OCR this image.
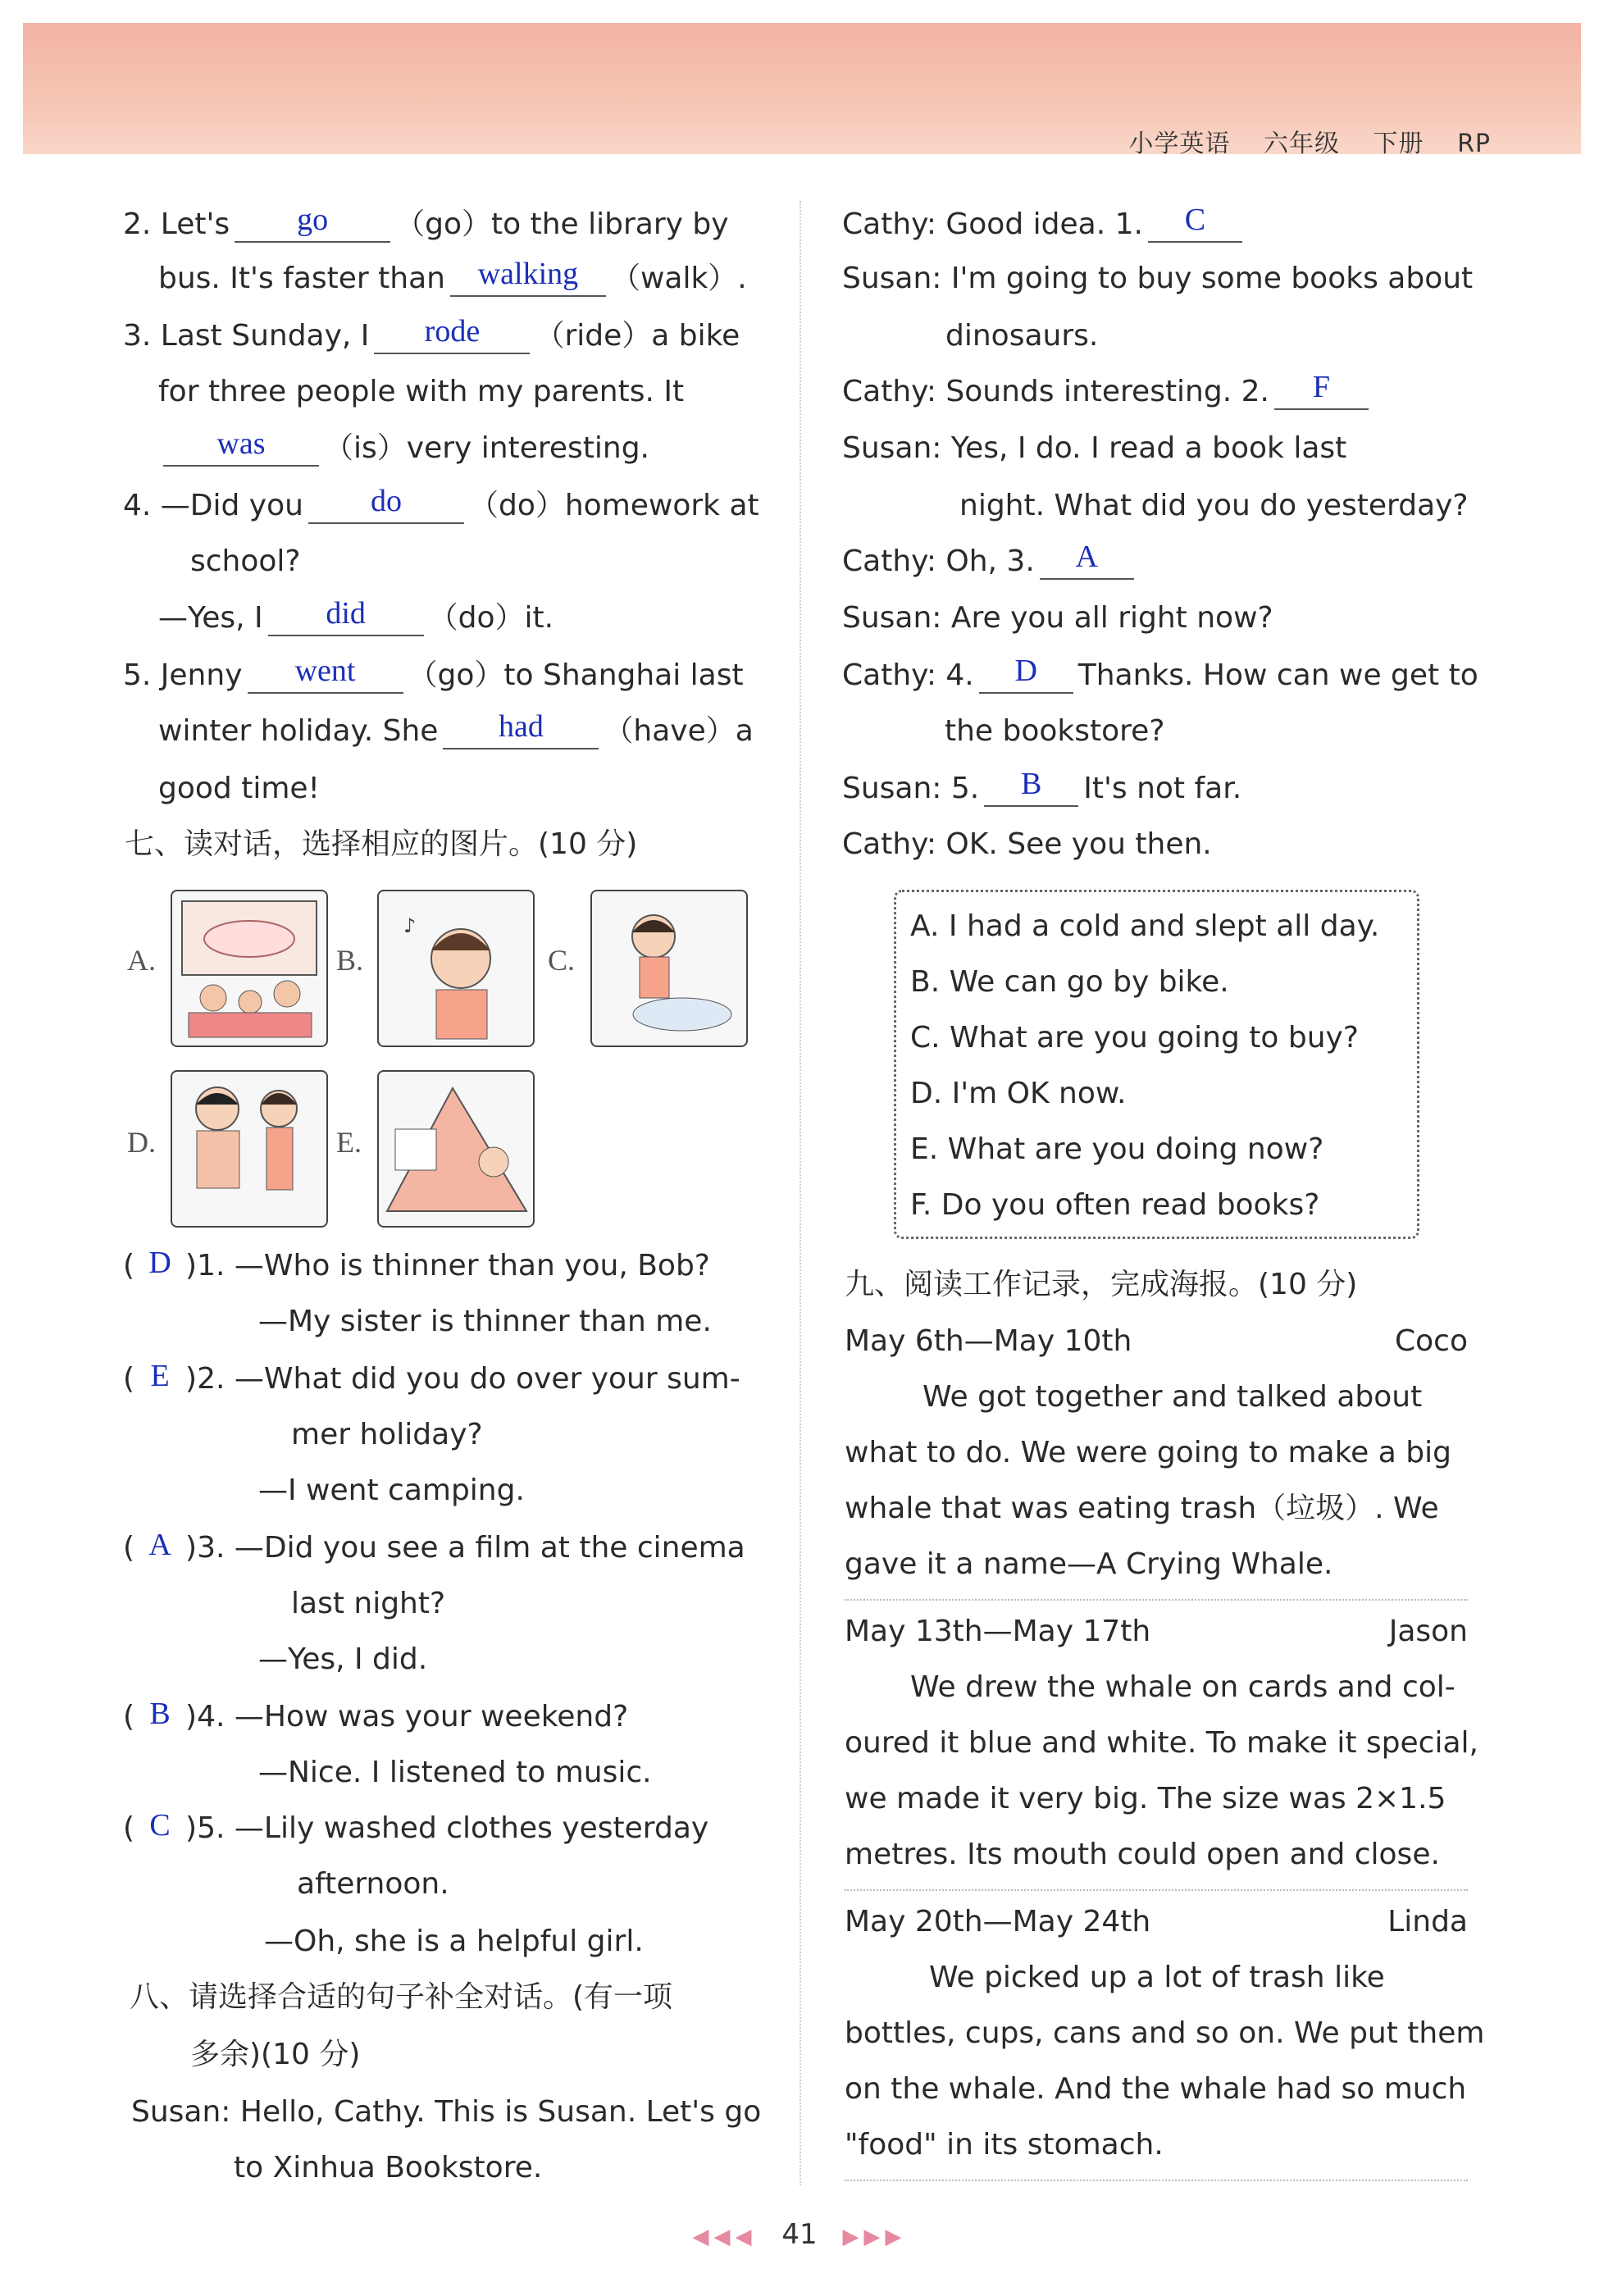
小学英语 六年级 下册 RP
2. Let's	go	（go）to the library by
bus. It's faster than	walking	（walk）.
3. Last Sunday, I	rode	（ride）a bike
for three people with my parents. It
was	（is）very interesting.
4. —Did you	do	（do）homework at
school?
—Yes, I	did	（do）it.
5. Jenny	went	（go）to Shanghai last
winter holiday. She	had	（have）a
good time!
七、读对话，选择相应的图片。(10 分)
A.	B.
♪
C.
D.	E.
( D )1. —Who is thinner than you, Bob?
—My sister is thinner than me.
( E )2. —What did you do over your sum-
mer holiday?
—I went camping.
( A )3. —Did you see a film at the cinema
last night?
—Yes, I did.
( B )4. —How was your weekend?
—Nice. I listened to music.
( C )5. —Lily washed clothes yesterday
afternoon.
—Oh, she is a helpful girl.
八、请选择合适的句子补全对话。(有一项
多余)(10 分)
Susan: Hello, Cathy. This is Susan. Let's go
to Xinhua Bookstore.
Cathy: Good idea. 1.	C
Susan: I'm going to buy some books about
dinosaurs.
Cathy: Sounds interesting. 2.	F
Susan: Yes, I do. I read a book last
night. What did you do yesterday?
Cathy: Oh, 3.	A
Susan: Are you all right now?
Cathy: 4.	D	Thanks. How can we get to
the bookstore?
Susan: 5.	B	It's not far.
Cathy: OK. See you then.
A. I had a cold and slept all day.
B. We can go by bike.
C. What are you going to buy?
D. I'm OK now.
E. What are you doing now?
F. Do you often read books?
九、阅读工作记录，完成海报。(10 分)
May 6th—May 10th	Coco
We got together and talked about
what to do. We were going to make a big
whale that was eating trash（垃圾）. We
gave it a name—A Crying Whale.
May 13th—May 17th	Jason
We drew the whale on cards and col-
oured it blue and white. To make it special,
we made it very big. The size was 2×1.5
metres. Its mouth could open and close.
May 20th—May 24th	Linda
We picked up a lot of trash like
bottles, cups, cans and so on. We put them
on the whale. And the whale had so much
"food" in its stomach.
◀◀◀ 41 ▶▶▶
